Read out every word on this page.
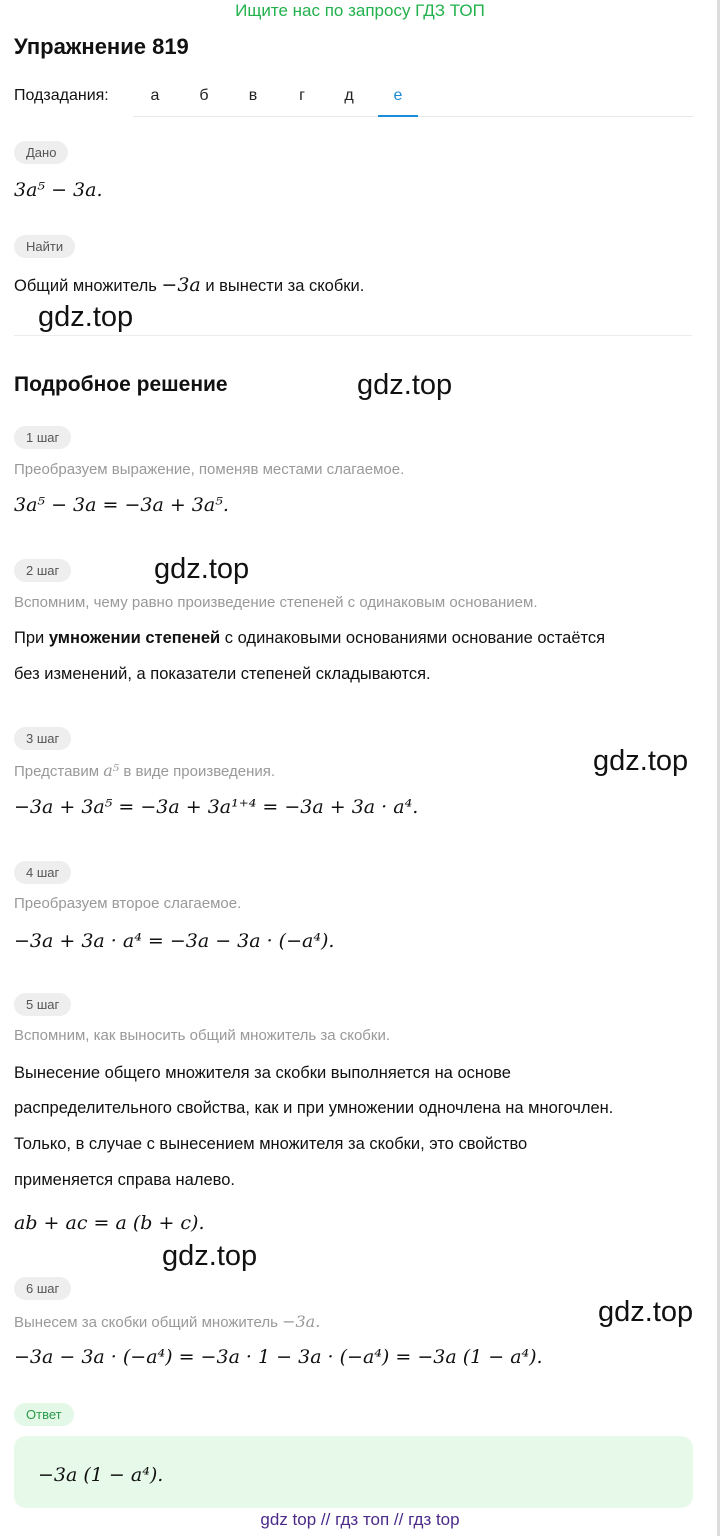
Ищите нас по запросу ГДЗ ТОП
Упражнение 819
Подзадания:	а	б	в	г	д	е
Дано
3a⁵ − 3a.
Найти
Общий множитель −3a и вынести за скобки.
gdz.top
Подробное решение	gdz.top
1 шаг
Преобразуем выражение, поменяв местами слагаемое.
3a⁵ − 3a = −3a + 3a⁵.
2 шаг	gdz.top
Вспомним, чему равно произведение степеней с одинаковым основанием.
При умножении степеней с одинаковыми основаниями основание остаётся
без изменений, а показатели степеней складываются.
3 шаг
gdz.top
Представим a⁵ в виде произведения.
−3a + 3a⁵ = −3a + 3a¹⁺⁴ = −3a + 3a · a⁴.
4 шаг
Преобразуем второе слагаемое.
−3a + 3a · a⁴ = −3a − 3a · (−a⁴).
5 шаг
Вспомним, как выносить общий множитель за скобки.
Вынесение общего множителя за скобки выполняется на основе
распределительного свойства, как и при умножении одночлена на многочлен.
Только, в случае с вынесением множителя за скобки, это свойство
применяется справа налево.
ab + ac = a (b + c).
gdz.top
6 шаг
gdz.top
Вынесем за скобки общий множитель −3a.
−3a − 3a · (−a⁴) = −3a · 1 − 3a · (−a⁴) = −3a (1 − a⁴).
Ответ
−3a (1 − a⁴).
gdz top // гдз топ // гдз top
